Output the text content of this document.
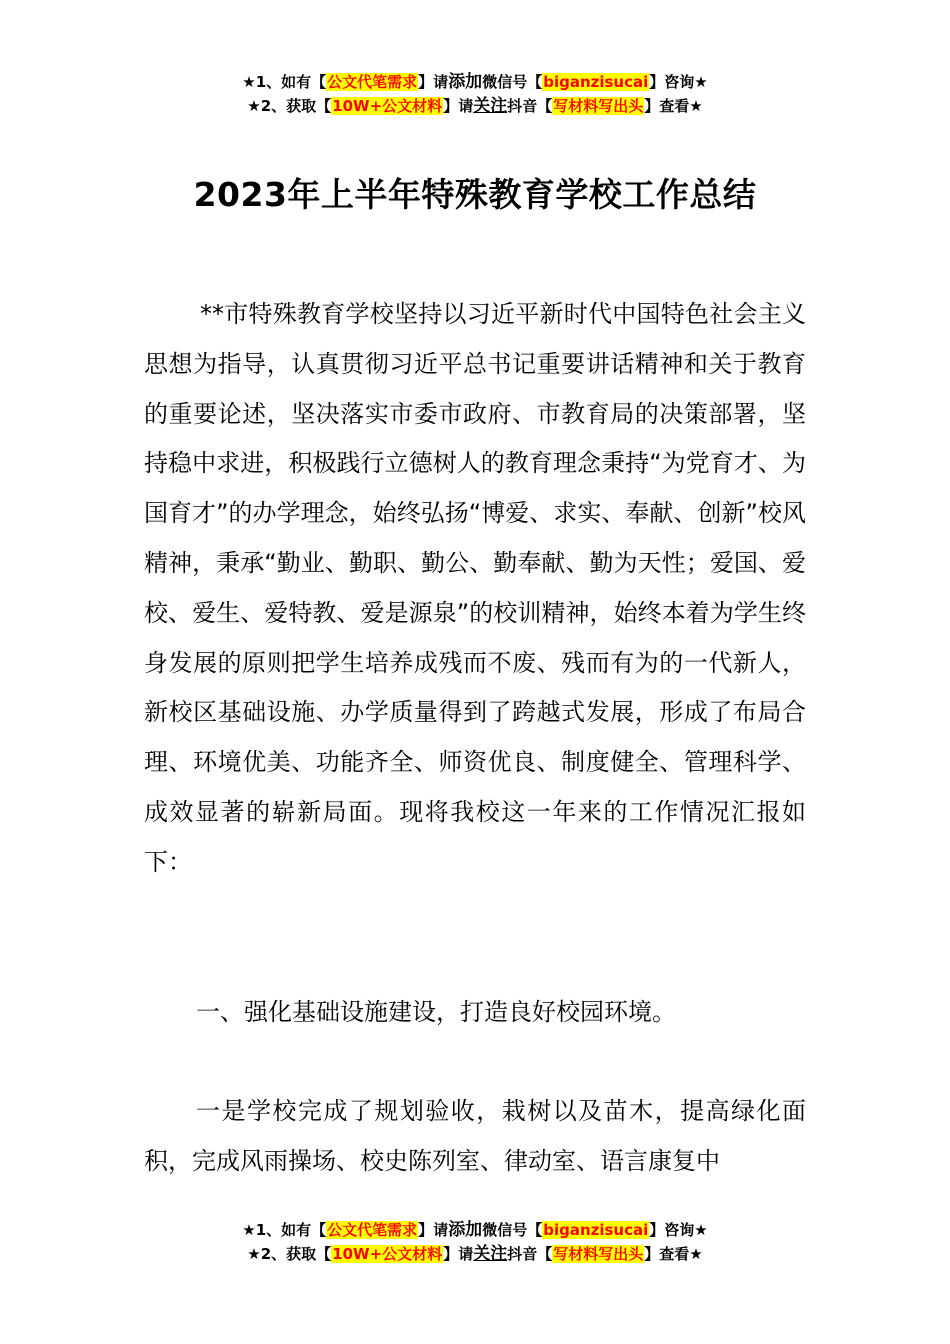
★1、如有【公文代笔需求】请添加微信号【biganzisucai】咨询★
★2、获取【10W+公文材料】请关注抖音【写材料写出头】查看★
2023年上半年特殊教育学校工作总结

**市特殊教育学校坚持以习近平新时代中国特色社会主义思想为指导，认真贯彻习近平总书记重要讲话精神和关于教育的重要论述，坚决落实市委市政府、市教育局的决策部署，坚持稳中求进，积极践行立德树人的教育理念秉持“为党育才、为国育才”的办学理念，始终弘扬“博爱、求实、奉献、创新”校风精神，秉承“勤业、勤职、勤公、勤奉献、勤为天性；爱国、爱校、爱生、爱特教、爱是源泉”的校训精神，始终本着为学生终身发展的原则把学生培养成残而不废、残而有为的一代新人，新校区基础设施、办学质量得到了跨越式发展，形成了布局合理、环境优美、功能齐全、师资优良、制度健全、管理科学、成效显著的崭新局面。现将我校这一年来的工作情况汇报如下：

一、强化基础设施建设，打造良好校园环境。

一是学校完成了规划验收，栽树以及苗木，提高绿化面积，完成风雨操场、校史陈列室、律动室、语言康复中

★1、如有【公文代笔需求】请添加微信号【biganzisucai】咨询★
★2、获取【10W+公文材料】请关注抖音【写材料写出头】查看★
